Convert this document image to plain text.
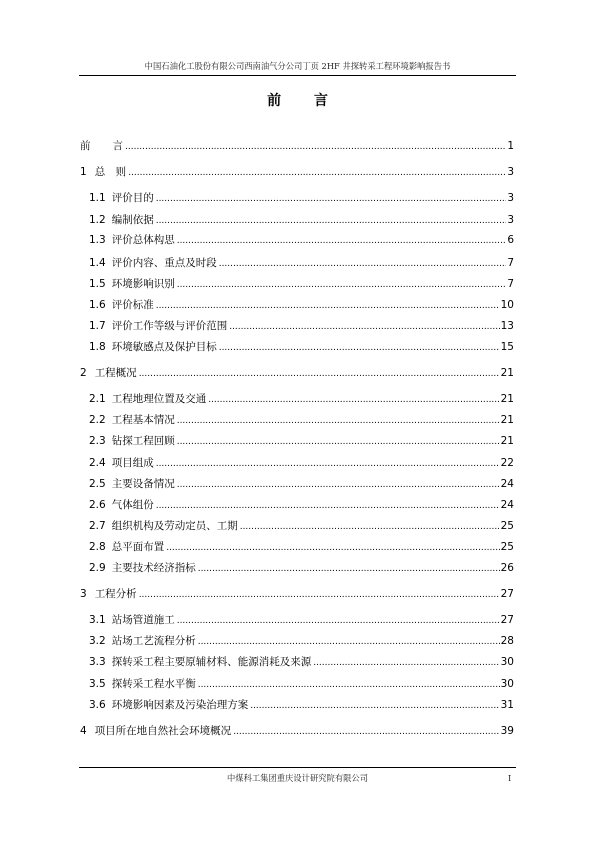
中国石油化工股份有限公司西南油气分公司丁页 2HF 井探转采工程环境影响报告书
前 言
前 言 .....	1
1 总　则 .....	3
1.1 评价目的 .....	3
1.2 编制依据 .....	3
1.3 评价总体构思 .....	6
1.4 评价内容、重点及时段 .....	7
1.5 环境影响识别 .....	7
1.6 评价标准 .....	10
1.7 评价工作等级与评价范围 .....	13
1.8 环境敏感点及保护目标 .....	15
2 工程概况 .....	21
2.1 工程地理位置及交通 .....	21
2.2 工程基本情况 .....	21
2.3 钻探工程回顾 .....	21
2.4 项目组成 .....	22
2.5 主要设备情况 .....	24
2.6 气体组份 .....	24
2.7 组织机构及劳动定员、工期 .....	25
2.8 总平面布置 .....	25
2.9 主要技术经济指标 .....	26
3 工程分析 .....	27
3.1 站场管道施工 .....	27
3.2 站场工艺流程分析 .....	28
3.3 探转采工程主要原辅材料、能源消耗及来源 .....	30
3.5 探转采工程水平衡 .....	30
3.6 环境影响因素及污染治理方案 .....	31
4 项目所在地自然社会环境概况 .....	39
中煤科工集团重庆设计研究院有限公司	I
